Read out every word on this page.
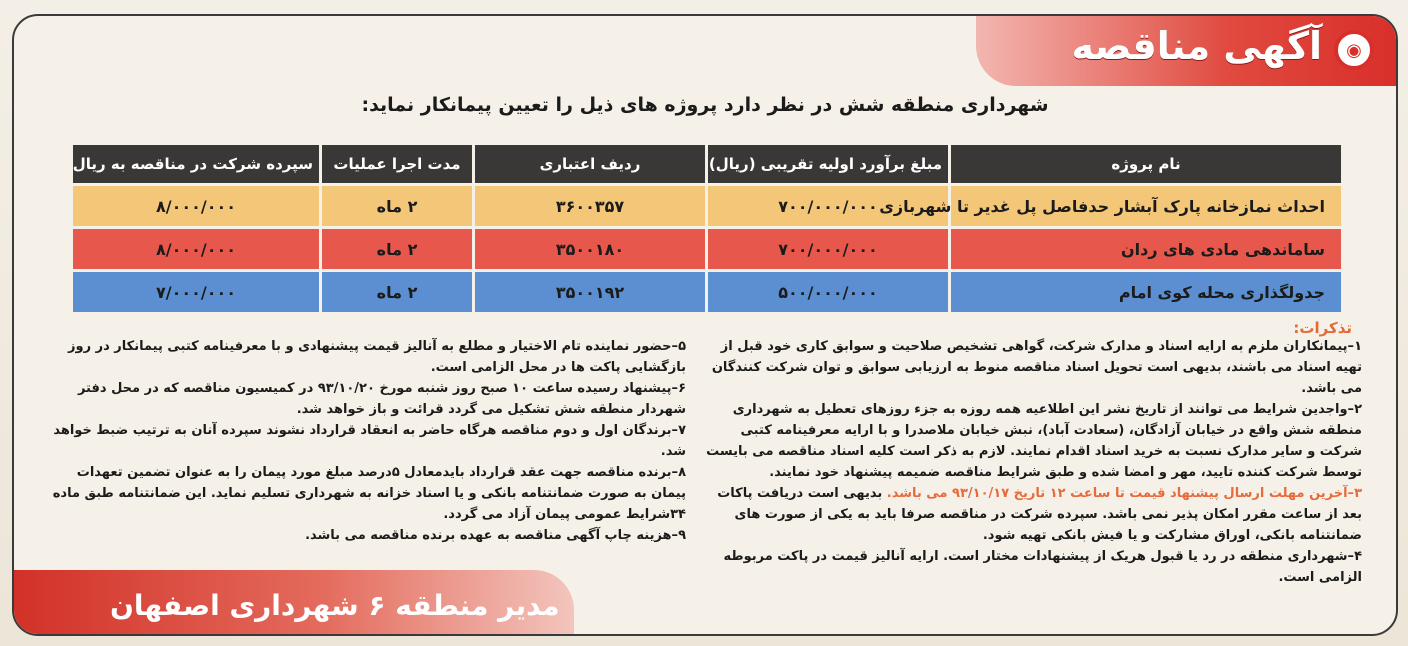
◉
آگهی مناقصه
شهرداری منطقه شش در نظر دارد پروژه های ذیل را تعیین پیمانکار نماید:
نام پروژه	مبلغ برآورد اولیه تقریبی (ریال)	ردیف اعتباری	مدت اجرا عملیات	سپرده شرکت در مناقصه به ریال
احداث نمازخانه پارک آبشار حدفاصل پل غدیر تا شهربازی	۷۰۰/۰۰۰/۰۰۰	۳۶۰۰۳۵۷	۲ ماه	۸/۰۰۰/۰۰۰
ساماندهی مادی های ردان	۷۰۰/۰۰۰/۰۰۰	۳۵۰۰۱۸۰	۲ ماه	۸/۰۰۰/۰۰۰
جدولگذاری محله کوی امام	۵۰۰/۰۰۰/۰۰۰	۳۵۰۰۱۹۲	۲ ماه	۷/۰۰۰/۰۰۰
تذکرات:

۱–پیمانکاران ملزم به ارایه اسناد و مدارک شرکت، گواهی تشخیص صلاحیت و سوابق کاری خود قبل از تهیه اسناد می باشند، بدیهی است تحویل اسناد مناقصه منوط به ارزیابی سوابق و توان شرکت کنندگان می باشد.

۲–واجدین شرایط می توانند از تاریخ نشر این اطلاعیه همه روزه به جزء روزهای تعطیل به شهرداری منطقه شش واقع در خیابان آزادگان، (سعادت آباد)، نبش خیابان ملاصدرا و با ارایه معرفینامه کتبی شرکت و سایر مدارک نسبت به خرید اسناد اقدام نمایند. لازم به ذکر است کلیه اسناد مناقصه می بایست توسط شرکت کننده تایید، مهر و امضا شده و طبق شرایط مناقصه ضمیمه پیشنهاد خود نمایند.

۳–آخرین مهلت ارسال پیشنهاد قیمت تا ساعت ۱۲ تاریخ ۹۳/۱۰/۱۷ می باشد. بدیهی است دریافت پاکات بعد از ساعت مقرر امکان پذیر نمی باشد. سپرده شرکت در مناقصه صرفا باید به یکی از صورت های ضمانتنامه بانکی، اوراق مشارکت و یا فیش بانکی تهیه شود.

۴–شهرداری منطقه در رد یا قبول هریک از پیشنهادات مختار است. ارایه آنالیز قیمت در پاکت مربوطه الزامی است.

۵–حضور نماینده تام الاختیار و مطلع به آنالیز قیمت پیشنهادی و با معرفینامه کتبی پیمانکار در روز بازگشایی پاکت ها در محل الزامی است.

۶–پیشنهاد رسیده ساعت ۱۰ صبح روز شنبه مورخ ۹۳/۱۰/۲۰ در کمیسیون مناقصه که در محل دفتر شهردار منطقه شش تشکیل می گردد قرائت و باز خواهد شد.

۷–برندگان اول و دوم مناقصه هرگاه حاضر به انعقاد قرارداد نشوند سپرده آنان به ترتیب ضبط خواهد شد.

۸–برنده مناقصه جهت عقد قرارداد بایدمعادل ۵درصد مبلغ مورد پیمان را به عنوان تضمین تعهدات پیمان به صورت ضمانتنامه بانکی و یا اسناد خزانه به شهرداری تسلیم نماید. این ضمانتنامه طبق ماده ۳۴شرایط عمومی پیمان آزاد می گردد.

۹–هزینه چاپ آگهی مناقصه به عهده برنده مناقصه می باشد.

مدیر منطقه ۶ شهرداری اصفهان
